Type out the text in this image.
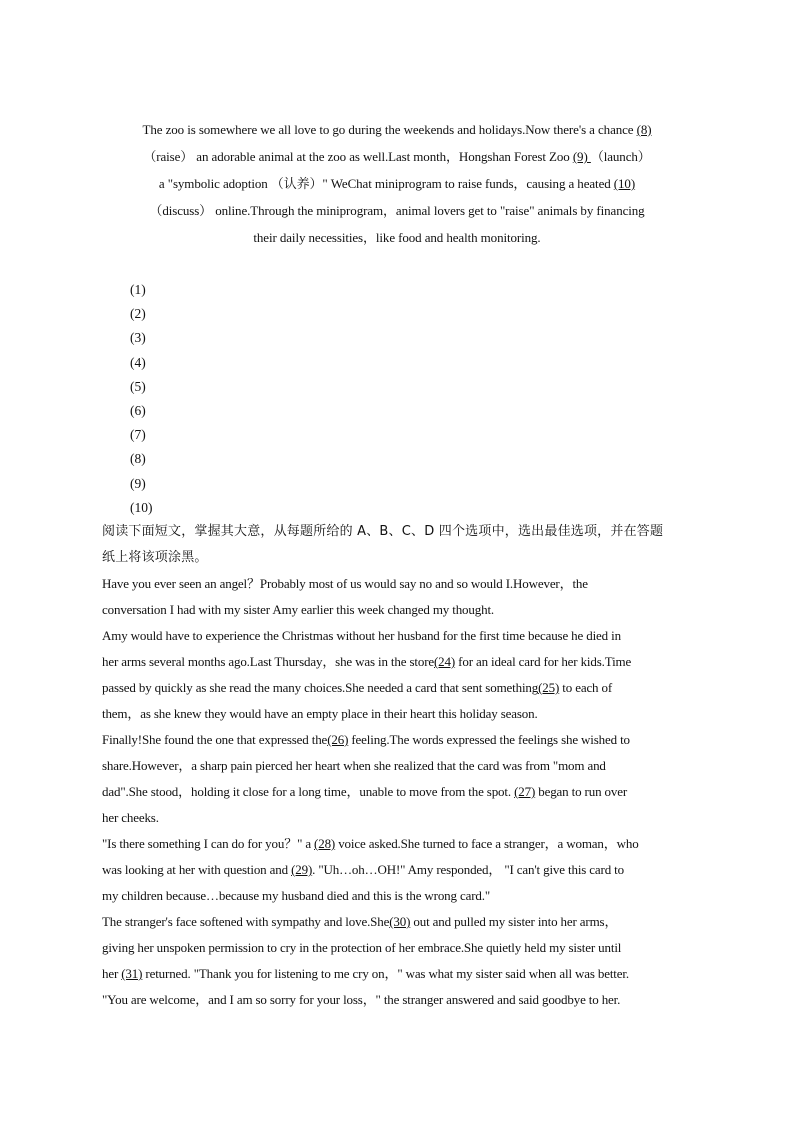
The zoo is somewhere we all love to go during the weekends and holidays.Now there's a chance (8)
（raise） an adorable animal at the zoo as well.Last month，Hongshan Forest Zoo (9) （launch）
a "symbolic adoption （认养）" WeChat miniprogram to raise funds，causing a heated (10)
（discuss） online.Through the miniprogram，animal lovers get to "raise" animals by financing
their daily necessities，like food and health monitoring.
(1)
(2)
(3)
(4)
(5)
(6)
(7)
(8)
(9)
(10)
阅读下面短文，掌握其大意，从每题所给的 A、B、C、D 四个选项中，选出最佳选项，并在答题
纸上将该项涂黑。
Have you ever seen an angel？Probably most of us would say no and so would I.However，the
conversation I had with my sister Amy earlier this week changed my thought.
Amy would have to experience the Christmas without her husband for the first time because he died in
her arms several months ago.Last Thursday，she was in the store(24) for an ideal card for her kids.Time
passed by quickly as she read the many choices.She needed a card that sent something(25) to each of
them，as she knew they would have an empty place in their heart this holiday season.
Finally!She found the one that expressed the(26) feeling.The words expressed the feelings she wished to
share.However，a sharp pain pierced her heart when she realized that the card was from "mom and
dad".She stood，holding it close for a long time，unable to move from the spot. (27) began to run over
her cheeks.
"Is there something I can do for you？" a (28) voice asked.She turned to face a stranger，a woman，who
was looking at her with question and (29). "Uh…oh…OH!" Amy responded， "I can't give this card to
my children because…because my husband died and this is the wrong card."
The stranger's face softened with sympathy and love.She(30) out and pulled my sister into her arms，
giving her unspoken permission to cry in the protection of her embrace.She quietly held my sister until
her (31) returned. "Thank you for listening to me cry on，" was what my sister said when all was better.
"You are welcome，and I am so sorry for your loss，" the stranger answered and said goodbye to her.
